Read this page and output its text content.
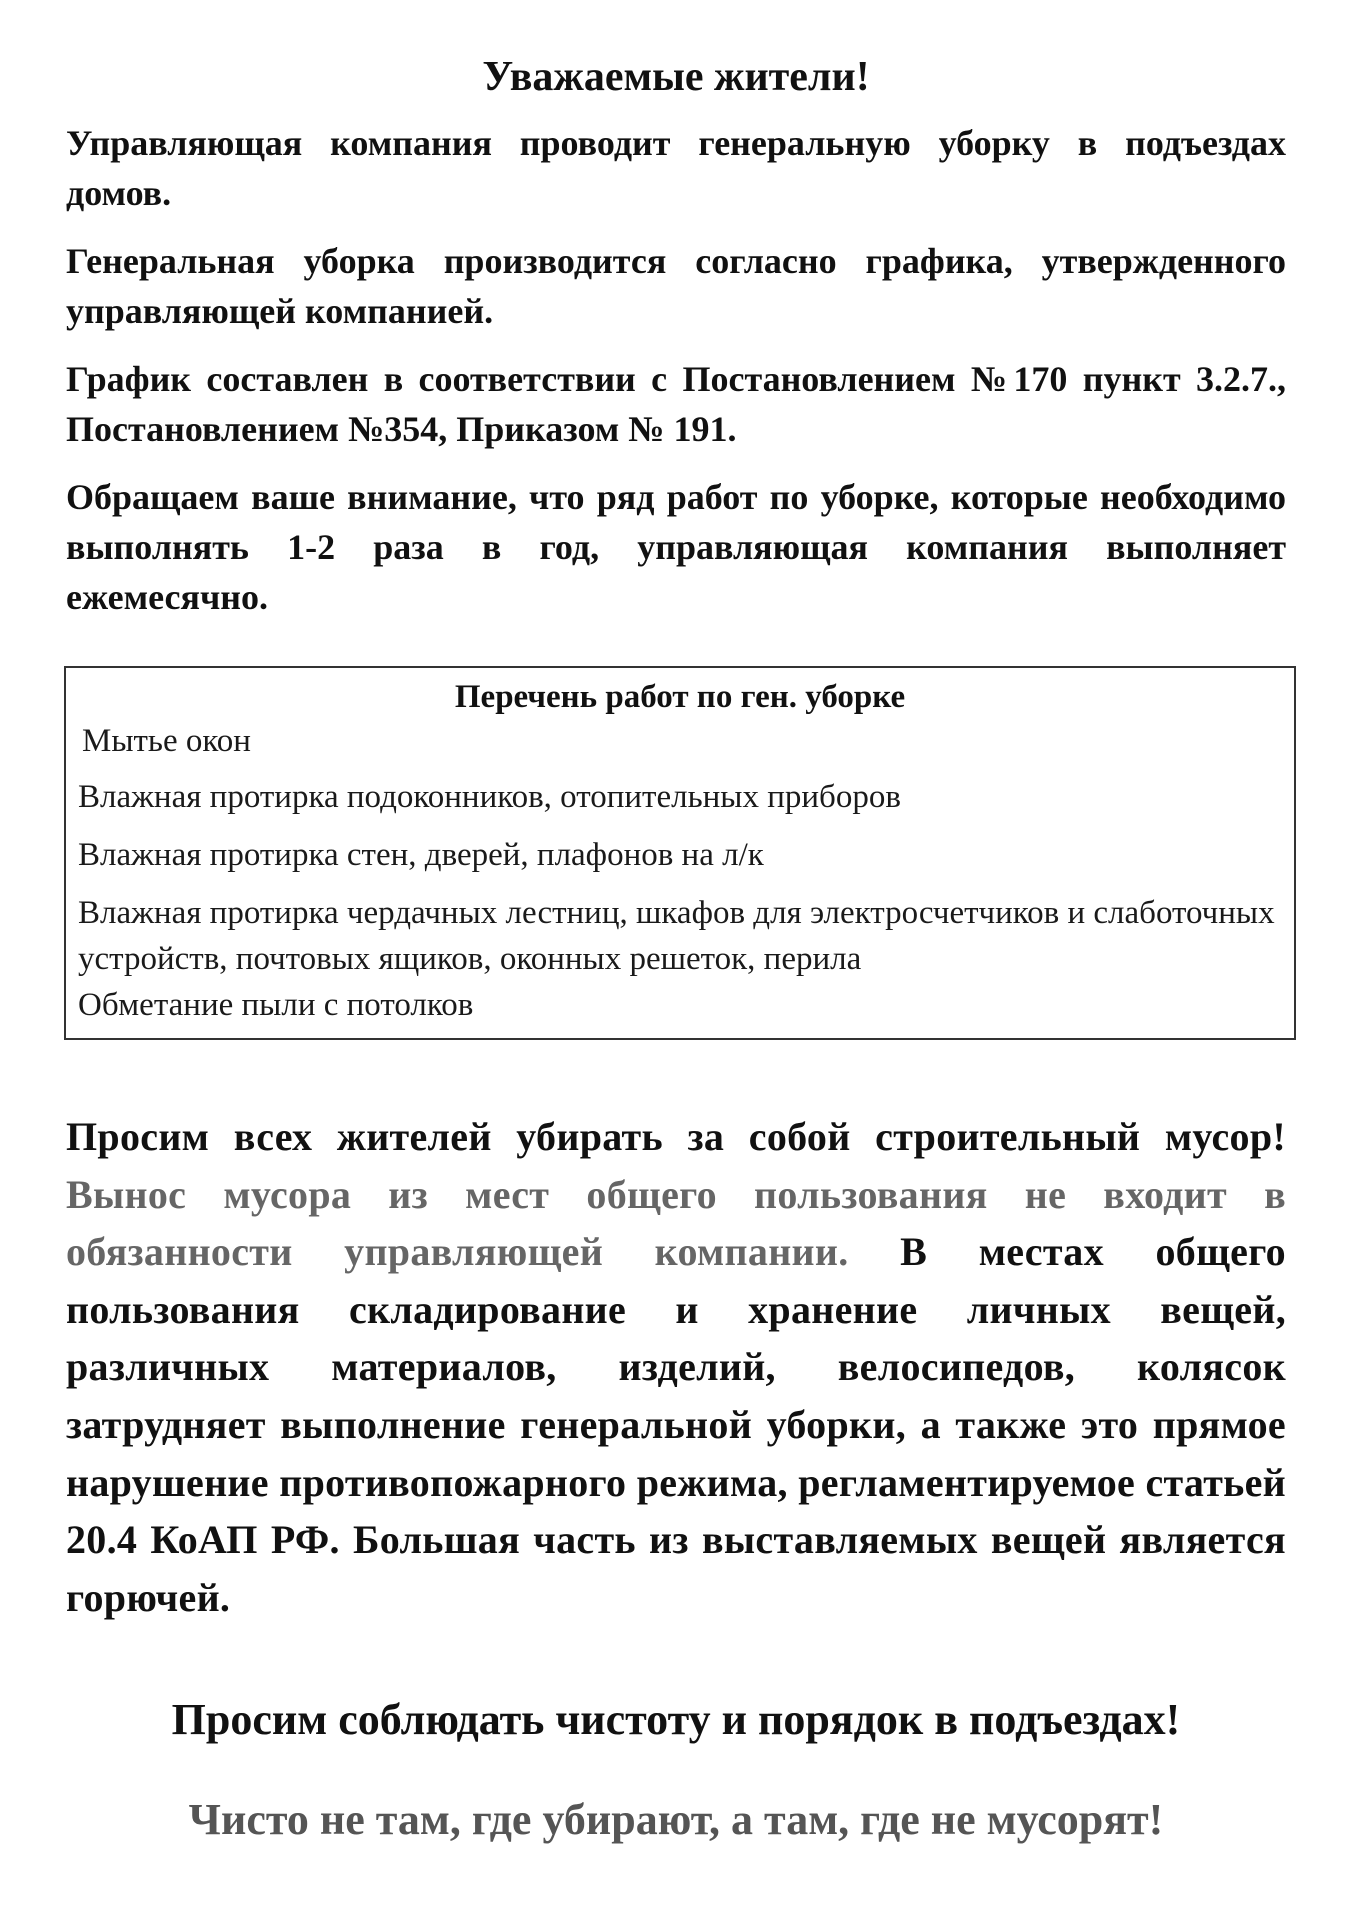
Уважаемые жители!

Управляющая компания проводит генеральную уборку в подъездах домов.

Генеральная уборка производится согласно графика, утвержденного управляющей компанией.

График составлен в соответствии с Постановлением №170 пункт 3.2.7., Постановлением №354, Приказом № 191.

Обращаем ваше внимание, что ряд работ по уборке, которые необходимо выполнять 1-2 раза в год, управляющая компания выполняет ежемесячно.

Перечень работ по ген. уборке

Мытье окон

Влажная протирка подоконников, отопительных приборов

Влажная протирка стен, дверей, плафонов на л/к

Влажная протирка чердачных лестниц, шкафов для электросчетчиков и слаботочных устройств, почтовых ящиков, оконных решеток, перила

Обметание пыли с потолков

Просим всех жителей убирать за собой строительный мусор! Вынос мусора из мест общего пользования не входит в обязанности управляющей компании. В местах общего пользования складирование и хранение личных вещей, различных материалов, изделий, велосипедов, колясок затрудняет выполнение генеральной уборки, а также это прямое нарушение противопожарного режима, регламентируемое статьей 20.4 КоАП РФ. Большая часть из выставляемых вещей является горючей.

Просим соблюдать чистоту и порядок в подъездах!

Чисто не там, где убирают, а там, где не мусорят!
